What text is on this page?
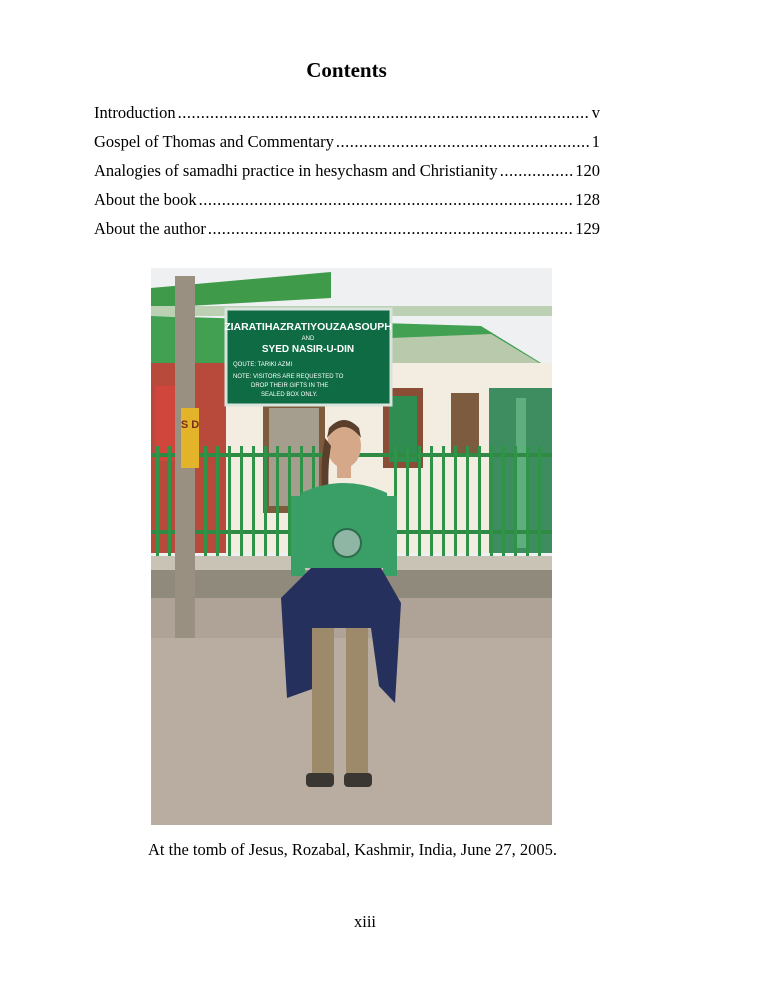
Contents
Introduction .....	v
Gospel of Thomas and Commentary .....	1
Analogies of samadhi practice in hesychasm and Christianity .....	120
About the book .....	128
About the author .....	129
ZIARATIHAZRATIYOUZAASOUPH
AND
SYED NASIR-U-DIN
QOUTE: TARIKI AZMI
NOTE: VISITORS ARE REQUESTED TO
DROP THEIR GIFTS IN THE
SEALED BOX ONLY.
S D
At the tomb of Jesus, Rozabal, Kashmir, India, June 27, 2005.
xiii
